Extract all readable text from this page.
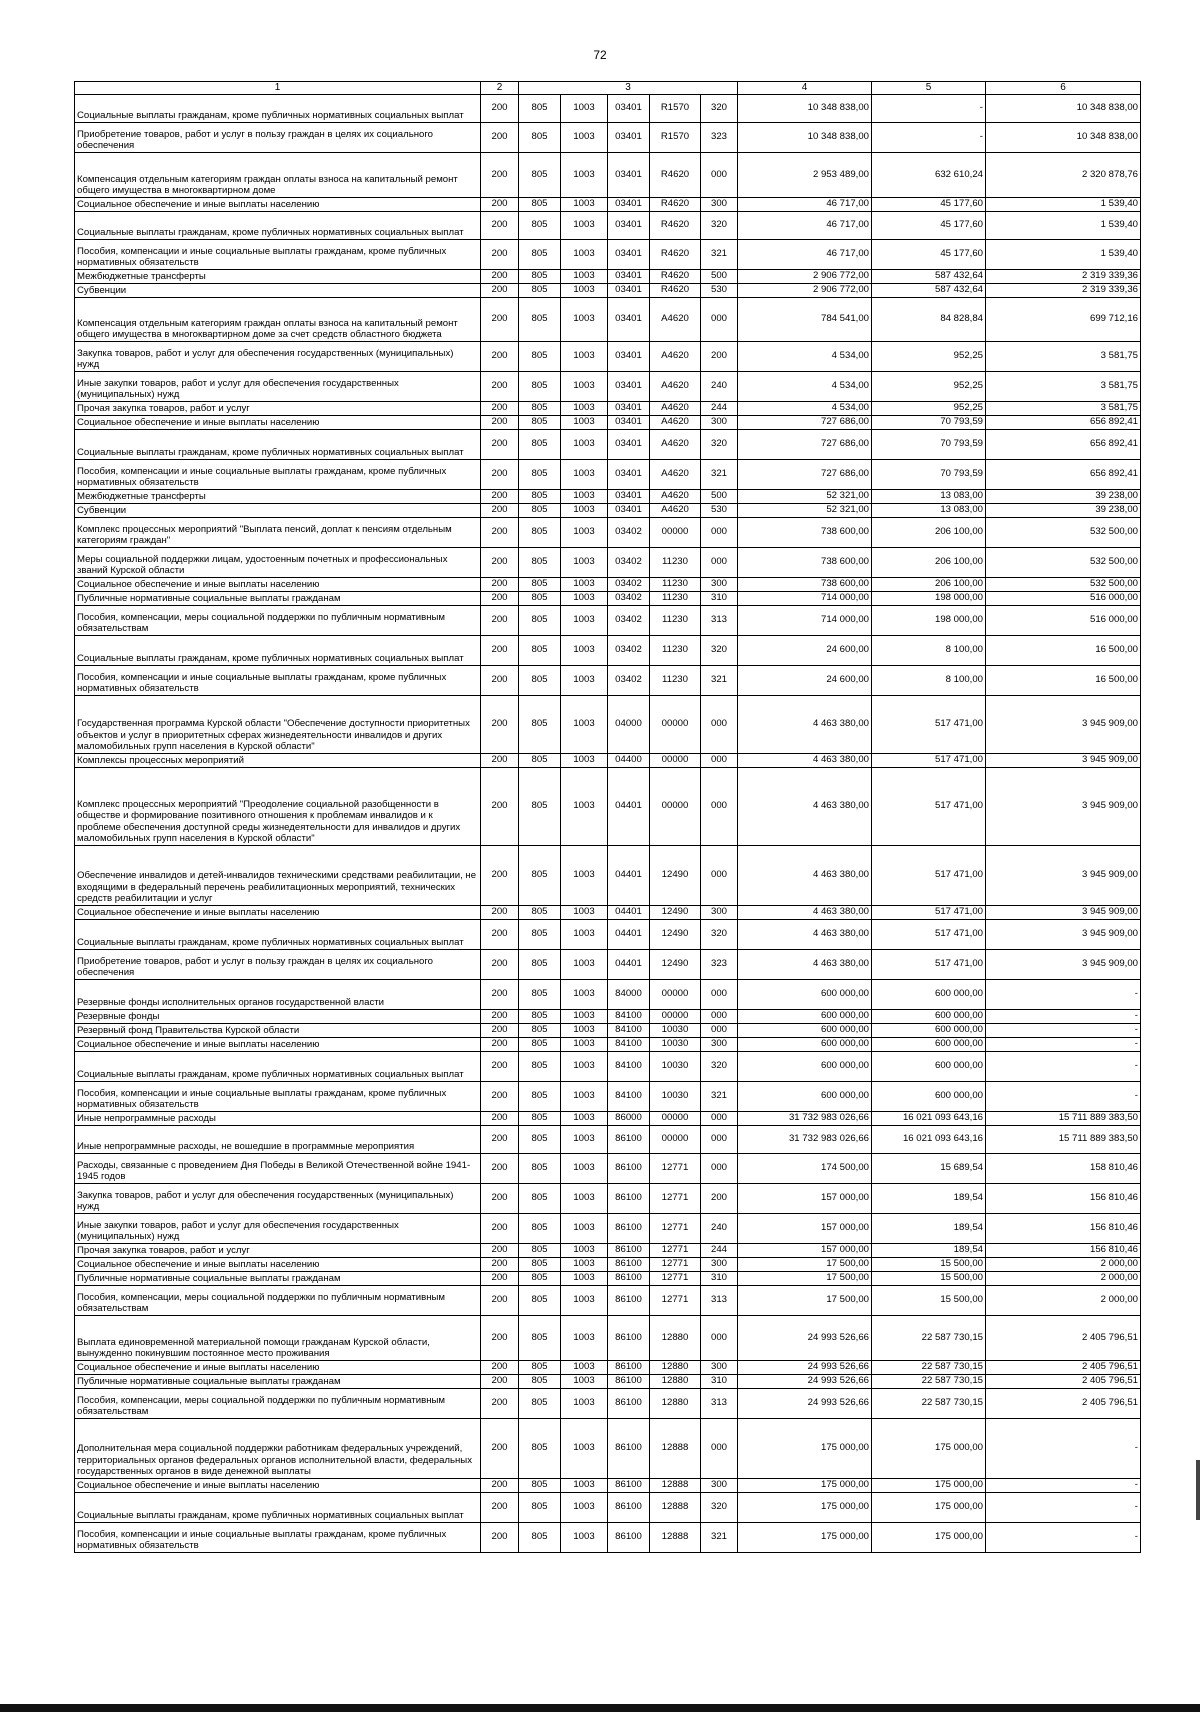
72
1	2	3					4	5	6
Социальные выплаты гражданам, кроме публичных нормативных социальных выплат	200	805	1003	03401	R1570	320	10 348 838,00	-	10 348 838,00
Приобретение товаров, работ и услуг в пользу граждан в целях их социального обеспечения	200	805	1003	03401	R1570	323	10 348 838,00	-	10 348 838,00
Компенсация отдельным категориям граждан оплаты взноса на капитальный ремонт общего имущества в многоквартирном доме	200	805	1003	03401	R4620	000	2 953 489,00	632 610,24	2 320 878,76
Социальное обеспечение и иные выплаты населению	200	805	1003	03401	R4620	300	46 717,00	45 177,60	1 539,40
Социальные выплаты гражданам, кроме публичных нормативных социальных выплат	200	805	1003	03401	R4620	320	46 717,00	45 177,60	1 539,40
Пособия, компенсации и иные социальные выплаты гражданам, кроме публичных нормативных обязательств	200	805	1003	03401	R4620	321	46 717,00	45 177,60	1 539,40
Межбюджетные трансферты	200	805	1003	03401	R4620	500	2 906 772,00	587 432,64	2 319 339,36
Субвенции	200	805	1003	03401	R4620	530	2 906 772,00	587 432,64	2 319 339,36
Компенсация отдельным категориям граждан оплаты взноса на капитальный ремонт общего имущества в многоквартирном доме за счет средств областного бюджета	200	805	1003	03401	A4620	000	784 541,00	84 828,84	699 712,16
Закупка товаров, работ и услуг для обеспечения государственных (муниципальных) нужд	200	805	1003	03401	A4620	200	4 534,00	952,25	3 581,75
Иные закупки товаров, работ и услуг для обеспечения государственных (муниципальных) нужд	200	805	1003	03401	A4620	240	4 534,00	952,25	3 581,75
Прочая закупка товаров, работ и услуг	200	805	1003	03401	A4620	244	4 534,00	952,25	3 581,75
Социальное обеспечение и иные выплаты населению	200	805	1003	03401	A4620	300	727 686,00	70 793,59	656 892,41
Социальные выплаты гражданам, кроме публичных нормативных социальных выплат	200	805	1003	03401	A4620	320	727 686,00	70 793,59	656 892,41
Пособия, компенсации и иные социальные выплаты гражданам, кроме публичных нормативных обязательств	200	805	1003	03401	A4620	321	727 686,00	70 793,59	656 892,41
Межбюджетные трансферты	200	805	1003	03401	A4620	500	52 321,00	13 083,00	39 238,00
Субвенции	200	805	1003	03401	A4620	530	52 321,00	13 083,00	39 238,00
Комплекс процессных мероприятий "Выплата пенсий, доплат к пенсиям отдельным категориям граждан"	200	805	1003	03402	00000	000	738 600,00	206 100,00	532 500,00
Меры социальной поддержки лицам, удостоенным почетных и профессиональных званий Курской области	200	805	1003	03402	11230	000	738 600,00	206 100,00	532 500,00
Социальное обеспечение и иные выплаты населению	200	805	1003	03402	11230	300	738 600,00	206 100,00	532 500,00
Публичные нормативные социальные выплаты гражданам	200	805	1003	03402	11230	310	714 000,00	198 000,00	516 000,00
Пособия, компенсации, меры социальной поддержки по публичным нормативным обязательствам	200	805	1003	03402	11230	313	714 000,00	198 000,00	516 000,00
Социальные выплаты гражданам, кроме публичных нормативных социальных выплат	200	805	1003	03402	11230	320	24 600,00	8 100,00	16 500,00
Пособия, компенсации и иные социальные выплаты гражданам, кроме публичных нормативных обязательств	200	805	1003	03402	11230	321	24 600,00	8 100,00	16 500,00
Государственная программа Курской области "Обеспечение доступности приоритетных объектов и услуг в приоритетных сферах жизнедеятельности инвалидов и других маломобильных групп населения в Курской области"	200	805	1003	04000	00000	000	4 463 380,00	517 471,00	3 945 909,00
Комплексы процессных мероприятий	200	805	1003	04400	00000	000	4 463 380,00	517 471,00	3 945 909,00
Комплекс процессных мероприятий "Преодоление социальной разобщенности в обществе и формирование позитивного отношения к проблемам инвалидов и к проблеме обеспечения доступной среды жизнедеятельности для инвалидов и других маломобильных групп населения в Курской области"	200	805	1003	04401	00000	000	4 463 380,00	517 471,00	3 945 909,00
Обеспечение инвалидов и детей-инвалидов техническими средствами реабилитации, не входящими в федеральный перечень реабилитационных мероприятий, технических средств реабилитации и услуг	200	805	1003	04401	12490	000	4 463 380,00	517 471,00	3 945 909,00
Социальное обеспечение и иные выплаты населению	200	805	1003	04401	12490	300	4 463 380,00	517 471,00	3 945 909,00
Социальные выплаты гражданам, кроме публичных нормативных социальных выплат	200	805	1003	04401	12490	320	4 463 380,00	517 471,00	3 945 909,00
Приобретение товаров, работ и услуг в пользу граждан в целях их социального обеспечения	200	805	1003	04401	12490	323	4 463 380,00	517 471,00	3 945 909,00
Резервные фонды исполнительных органов государственной власти	200	805	1003	84000	00000	000	600 000,00	600 000,00	-
Резервные фонды	200	805	1003	84100	00000	000	600 000,00	600 000,00	-
Резервный фонд Правительства Курской области	200	805	1003	84100	10030	000	600 000,00	600 000,00	-
Социальное обеспечение и иные выплаты населению	200	805	1003	84100	10030	300	600 000,00	600 000,00	-
Социальные выплаты гражданам, кроме публичных нормативных социальных выплат	200	805	1003	84100	10030	320	600 000,00	600 000,00	-
Пособия, компенсации и иные социальные выплаты гражданам, кроме публичных нормативных обязательств	200	805	1003	84100	10030	321	600 000,00	600 000,00	-
Иные непрограммные расходы	200	805	1003	86000	00000	000	31 732 983 026,66	16 021 093 643,16	15 711 889 383,50
Иные непрограммные расходы, не вошедшие в программные мероприятия	200	805	1003	86100	00000	000	31 732 983 026,66	16 021 093 643,16	15 711 889 383,50
Расходы, связанные с проведением Дня Победы в Великой Отечественной войне 1941-1945 годов	200	805	1003	86100	12771	000	174 500,00	15 689,54	158 810,46
Закупка товаров, работ и услуг для обеспечения государственных (муниципальных) нужд	200	805	1003	86100	12771	200	157 000,00	189,54	156 810,46
Иные закупки товаров, работ и услуг для обеспечения государственных (муниципальных) нужд	200	805	1003	86100	12771	240	157 000,00	189,54	156 810,46
Прочая закупка товаров, работ и услуг	200	805	1003	86100	12771	244	157 000,00	189,54	156 810,46
Социальное обеспечение и иные выплаты населению	200	805	1003	86100	12771	300	17 500,00	15 500,00	2 000,00
Публичные нормативные социальные выплаты гражданам	200	805	1003	86100	12771	310	17 500,00	15 500,00	2 000,00
Пособия, компенсации, меры социальной поддержки по публичным нормативным обязательствам	200	805	1003	86100	12771	313	17 500,00	15 500,00	2 000,00
Выплата единовременной материальной помощи гражданам Курской области, вынужденно покинувшим постоянное место проживания	200	805	1003	86100	12880	000	24 993 526,66	22 587 730,15	2 405 796,51
Социальное обеспечение и иные выплаты населению	200	805	1003	86100	12880	300	24 993 526,66	22 587 730,15	2 405 796,51
Публичные нормативные социальные выплаты гражданам	200	805	1003	86100	12880	310	24 993 526,66	22 587 730,15	2 405 796,51
Пособия, компенсации, меры социальной поддержки по публичным нормативным обязательствам	200	805	1003	86100	12880	313	24 993 526,66	22 587 730,15	2 405 796,51
Дополнительная мера социальной поддержки работникам федеральных учреждений, территориальных органов федеральных органов исполнительной власти, федеральных государственных органов в виде денежной выплаты	200	805	1003	86100	12888	000	175 000,00	175 000,00	-
Социальное обеспечение и иные выплаты населению	200	805	1003	86100	12888	300	175 000,00	175 000,00	-
Социальные выплаты гражданам, кроме публичных нормативных социальных выплат	200	805	1003	86100	12888	320	175 000,00	175 000,00	-
Пособия, компенсации и иные социальные выплаты гражданам, кроме публичных нормативных обязательств	200	805	1003	86100	12888	321	175 000,00	175 000,00	-
